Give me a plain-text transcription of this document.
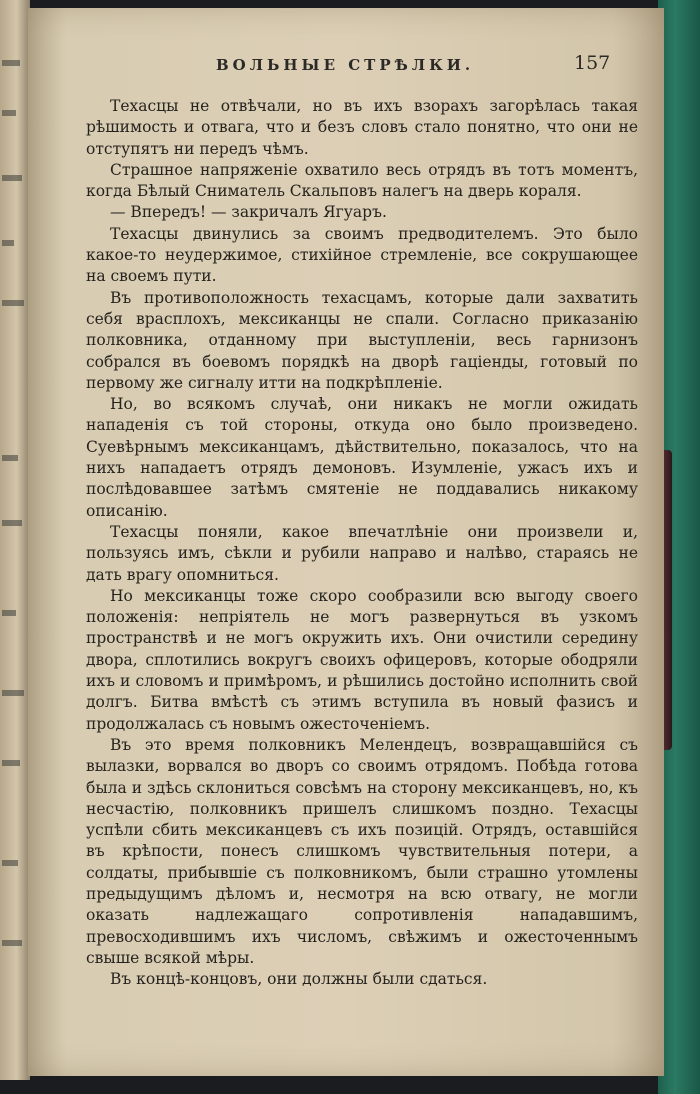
ВОЛЬНЫЕ СТРѢЛКИ.	157

Техасцы не отвѣчали, но въ ихъ взорахъ загорѣлась такая рѣшимость и отвага, что и безъ словъ стало понятно, что они не отступятъ ни передъ чѣмъ.

Страшное напряженіе охватило весь отрядъ въ тотъ моментъ, когда Бѣлый Сниматель Скальповъ налегъ на дверь кораля.

— Впередъ! — закричалъ Ягуаръ.

Техасцы двинулись за своимъ предводителемъ. Это было какое-то неудержимое, стихійное стремленіе, все сокрушающее на своемъ пути.

Въ противоположность техасцамъ, которые дали захватить себя врасплохъ, мексиканцы не спали. Согласно приказанію полковника, отданному при выступленіи, весь гарнизонъ собрался въ боевомъ порядкѣ на дворѣ гаціенды, готовый по первому же сигналу итти на подкрѣпленіе.

Но, во всякомъ случаѣ, они никакъ не могли ожидать нападенія съ той стороны, откуда оно было произведено. Суевѣрнымъ мексиканцамъ, дѣйствительно, показалось, что на нихъ нападаетъ отрядъ демоновъ. Изумленіе, ужасъ ихъ и послѣдовавшее затѣмъ смятеніе не поддавались никакому описанію.

Техасцы поняли, какое впечатлѣніе они произвели и, пользуясь имъ, сѣкли и рубили направо и налѣво, стараясь не дать врагу опомниться.

Но мексиканцы тоже скоро сообразили всю выгоду своего положенія: непріятель не могъ развернуться въ узкомъ пространствѣ и не могъ окружить ихъ. Они очистили середину двора, сплотились вокругъ своихъ офицеровъ, которые ободряли ихъ и словомъ и примѣромъ, и рѣшились достойно исполнить свой долгъ. Битва вмѣстѣ съ этимъ вступила въ новый фазисъ и продолжалась съ новымъ ожесточеніемъ.

Въ это время полковникъ Мелендецъ, возвращавшійся съ вылазки, ворвался во дворъ со своимъ отрядомъ. Побѣда готова была и здѣсь склониться совсѣмъ на сторону мексиканцевъ, но, къ несчастію, полковникъ пришелъ слишкомъ поздно. Техасцы успѣли сбить мексиканцевъ съ ихъ позицій. Отрядъ, оставшійся въ крѣпости, понесъ слишкомъ чувствительныя потери, а солдаты, прибывшіе съ полковникомъ, были страшно утомлены предыдущимъ дѣломъ и, несмотря на всю отвагу, не могли оказать надлежащаго сопротивленія нападавшимъ, превосходившимъ ихъ числомъ, свѣжимъ и ожесточеннымъ свыше всякой мѣры.

Въ концѣ-концовъ, они должны были сдаться.
